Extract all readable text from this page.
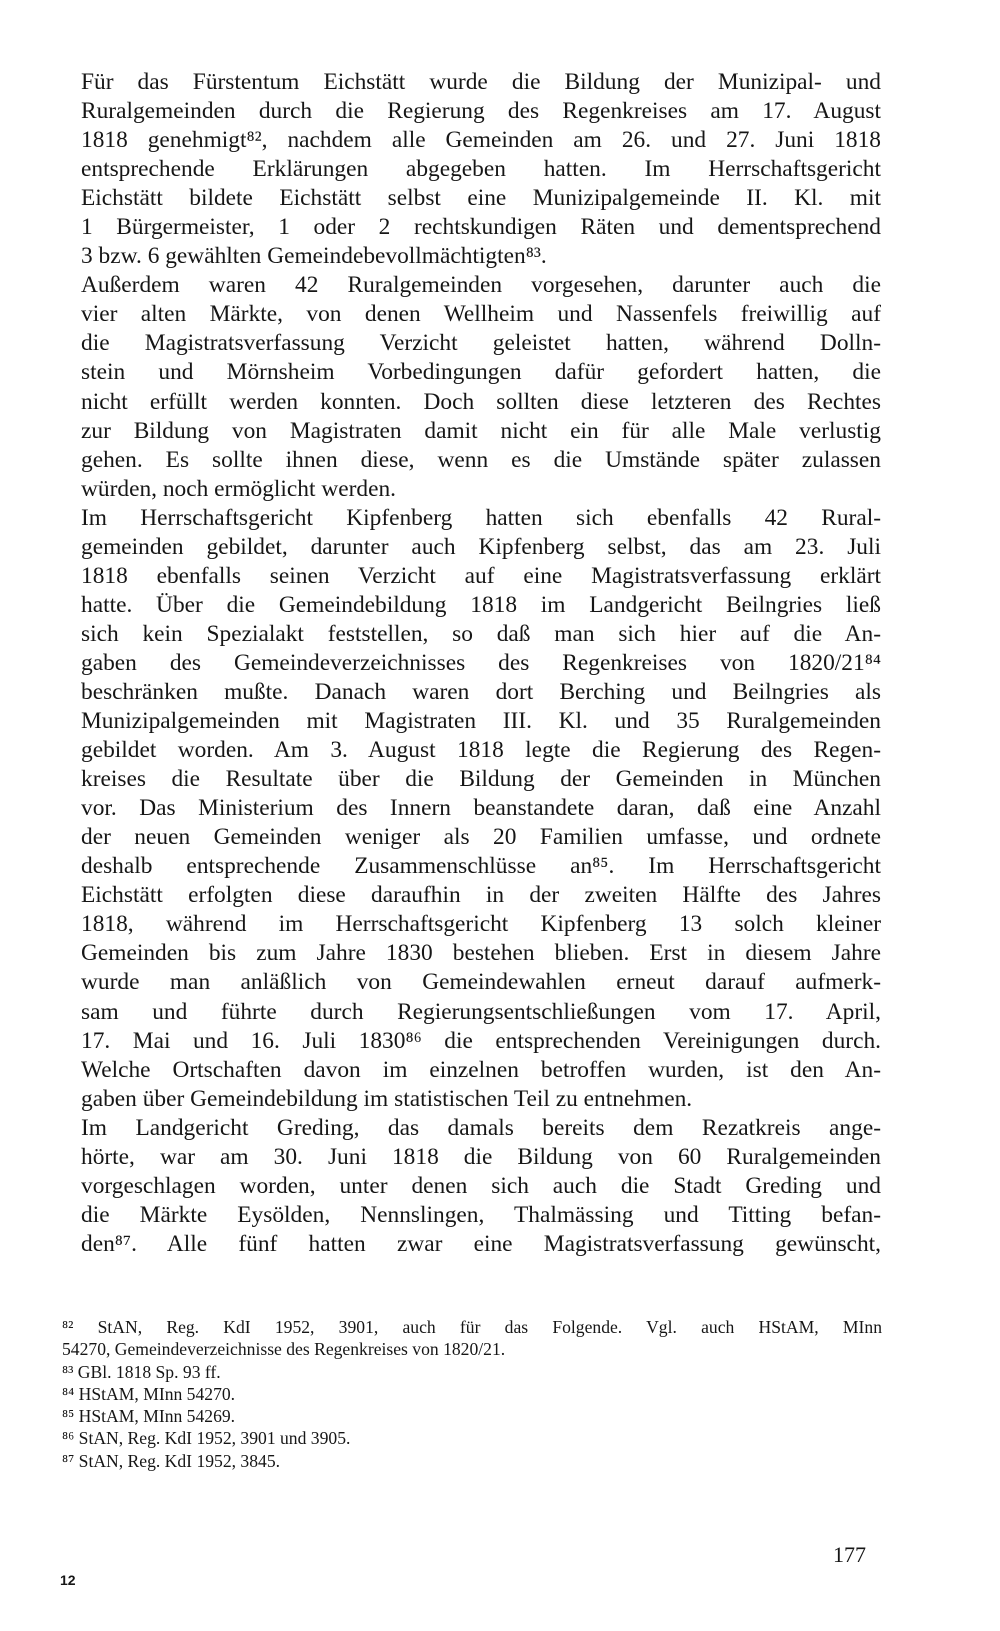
Für das Fürstentum Eichstätt wurde die Bildung der Munizipal- und
Ruralgemeinden durch die Regierung des Regenkreises am 17. August
1818 genehmigt⁸², nachdem alle Gemeinden am 26. und 27. Juni 1818
entsprechende Erklärungen abgegeben hatten. Im Herrschaftsgericht
Eichstätt bildete Eichstätt selbst eine Munizipalgemeinde II. Kl. mit
1 Bürgermeister, 1 oder 2 rechtskundigen Räten und dementsprechend
3 bzw. 6 gewählten Gemeindebevollmächtigten⁸³.
Außerdem waren 42 Ruralgemeinden vorgesehen, darunter auch die
vier alten Märkte, von denen Wellheim und Nassenfels freiwillig auf
die Magistratsverfassung Verzicht geleistet hatten, während Dolln-
stein und Mörnsheim Vorbedingungen dafür gefordert hatten, die
nicht erfüllt werden konnten. Doch sollten diese letzteren des Rechtes
zur Bildung von Magistraten damit nicht ein für alle Male verlustig
gehen. Es sollte ihnen diese, wenn es die Umstände später zulassen
würden, noch ermöglicht werden.
Im Herrschaftsgericht Kipfenberg hatten sich ebenfalls 42 Rural-
gemeinden gebildet, darunter auch Kipfenberg selbst, das am 23. Juli
1818 ebenfalls seinen Verzicht auf eine Magistratsverfassung erklärt
hatte. Über die Gemeindebildung 1818 im Landgericht Beilngries ließ
sich kein Spezialakt feststellen, so daß man sich hier auf die An-
gaben des Gemeindeverzeichnisses des Regenkreises von 1820/21⁸⁴
beschränken mußte. Danach waren dort Berching und Beilngries als
Munizipalgemeinden mit Magistraten III. Kl. und 35 Ruralgemeinden
gebildet worden. Am 3. August 1818 legte die Regierung des Regen-
kreises die Resultate über die Bildung der Gemeinden in München
vor. Das Ministerium des Innern beanstandete daran, daß eine Anzahl
der neuen Gemeinden weniger als 20 Familien umfasse, und ordnete
deshalb entsprechende Zusammenschlüsse an⁸⁵. Im Herrschaftsgericht
Eichstätt erfolgten diese daraufhin in der zweiten Hälfte des Jahres
1818, während im Herrschaftsgericht Kipfenberg 13 solch kleiner
Gemeinden bis zum Jahre 1830 bestehen blieben. Erst in diesem Jahre
wurde man anläßlich von Gemeindewahlen erneut darauf aufmerk-
sam und führte durch Regierungsentschließungen vom 17. April,
17. Mai und 16. Juli 1830⁸⁶ die entsprechenden Vereinigungen durch.
Welche Ortschaften davon im einzelnen betroffen wurden, ist den An-
gaben über Gemeindebildung im statistischen Teil zu entnehmen.
Im Landgericht Greding, das damals bereits dem Rezatkreis ange-
hörte, war am 30. Juni 1818 die Bildung von 60 Ruralgemeinden
vorgeschlagen worden, unter denen sich auch die Stadt Greding und
die Märkte Eysölden, Nennslingen, Thalmässing und Titting befan-
den⁸⁷. Alle fünf hatten zwar eine Magistratsverfassung gewünscht,
⁸² StAN, Reg. KdI 1952, 3901, auch für das Folgende. Vgl. auch HStAM, MInn
54270, Gemeindeverzeichnisse des Regenkreises von 1820/21.
⁸³ GBl. 1818 Sp. 93 ff.
⁸⁴ HStAM, MInn 54270.
⁸⁵ HStAM, MInn 54269.
⁸⁶ StAN, Reg. KdI 1952, 3901 und 3905.
⁸⁷ StAN, Reg. KdI 1952, 3845.
177
12
